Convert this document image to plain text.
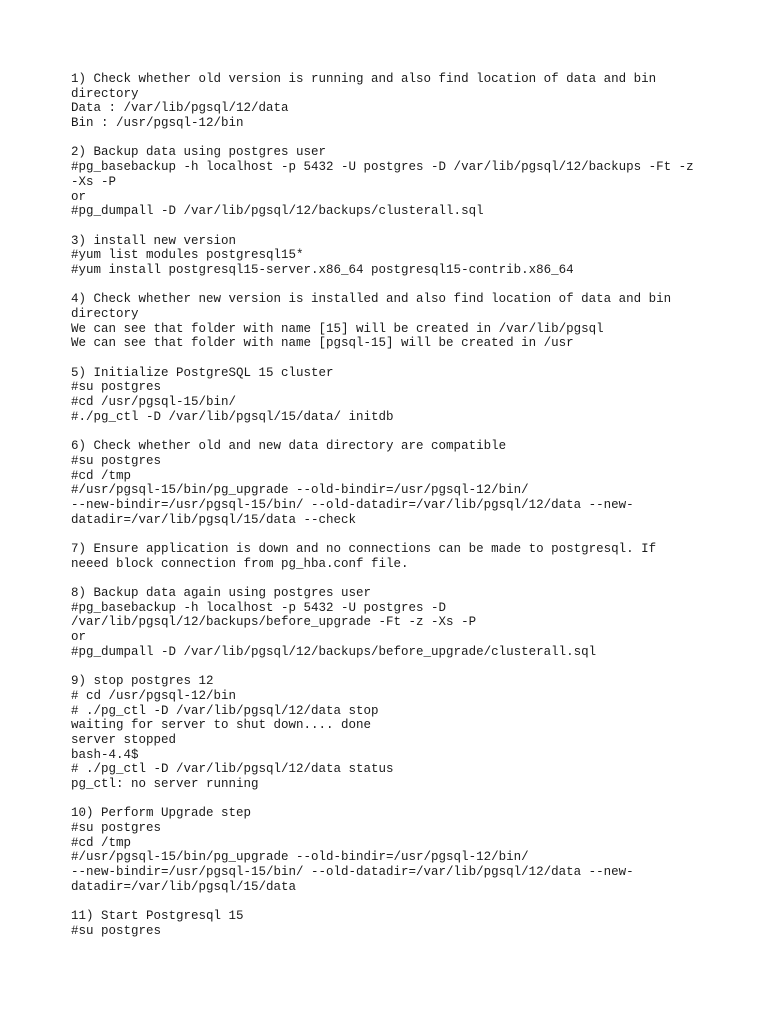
1) Check whether old version is running and also find location of data and bin
directory
Data : /var/lib/pgsql/12/data
Bin : /usr/pgsql-12/bin
2) Backup data using postgres user
#pg_basebackup -h localhost -p 5432 -U postgres -D /var/lib/pgsql/12/backups -Ft -z
-Xs -P
or
#pg_dumpall -D /var/lib/pgsql/12/backups/clusterall.sql
3) install new version
#yum list modules postgresql15*
#yum install postgresql15-server.x86_64 postgresql15-contrib.x86_64
4) Check whether new version is installed and also find location of data and bin
directory
We can see that folder with name [15] will be created in /var/lib/pgsql
We can see that folder with name [pgsql-15] will be created in /usr
5) Initialize PostgreSQL 15 cluster
#su postgres
#cd /usr/pgsql-15/bin/
#./pg_ctl -D /var/lib/pgsql/15/data/ initdb
6) Check whether old and new data directory are compatible
#su postgres
#cd /tmp
#/usr/pgsql-15/bin/pg_upgrade --old-bindir=/usr/pgsql-12/bin/
--new-bindir=/usr/pgsql-15/bin/ --old-datadir=/var/lib/pgsql/12/data --new-
datadir=/var/lib/pgsql/15/data --check
7) Ensure application is down and no connections can be made to postgresql. If
neeed block connection from pg_hba.conf file.
8) Backup data again using postgres user
#pg_basebackup -h localhost -p 5432 -U postgres -D
/var/lib/pgsql/12/backups/before_upgrade -Ft -z -Xs -P
or
#pg_dumpall -D /var/lib/pgsql/12/backups/before_upgrade/clusterall.sql
9) stop postgres 12
# cd /usr/pgsql-12/bin
# ./pg_ctl -D /var/lib/pgsql/12/data stop
waiting for server to shut down.... done
server stopped
bash-4.4$
# ./pg_ctl -D /var/lib/pgsql/12/data status
pg_ctl: no server running
10) Perform Upgrade step
#su postgres
#cd /tmp
#/usr/pgsql-15/bin/pg_upgrade --old-bindir=/usr/pgsql-12/bin/
--new-bindir=/usr/pgsql-15/bin/ --old-datadir=/var/lib/pgsql/12/data --new-
datadir=/var/lib/pgsql/15/data
11) Start Postgresql 15
#su postgres
